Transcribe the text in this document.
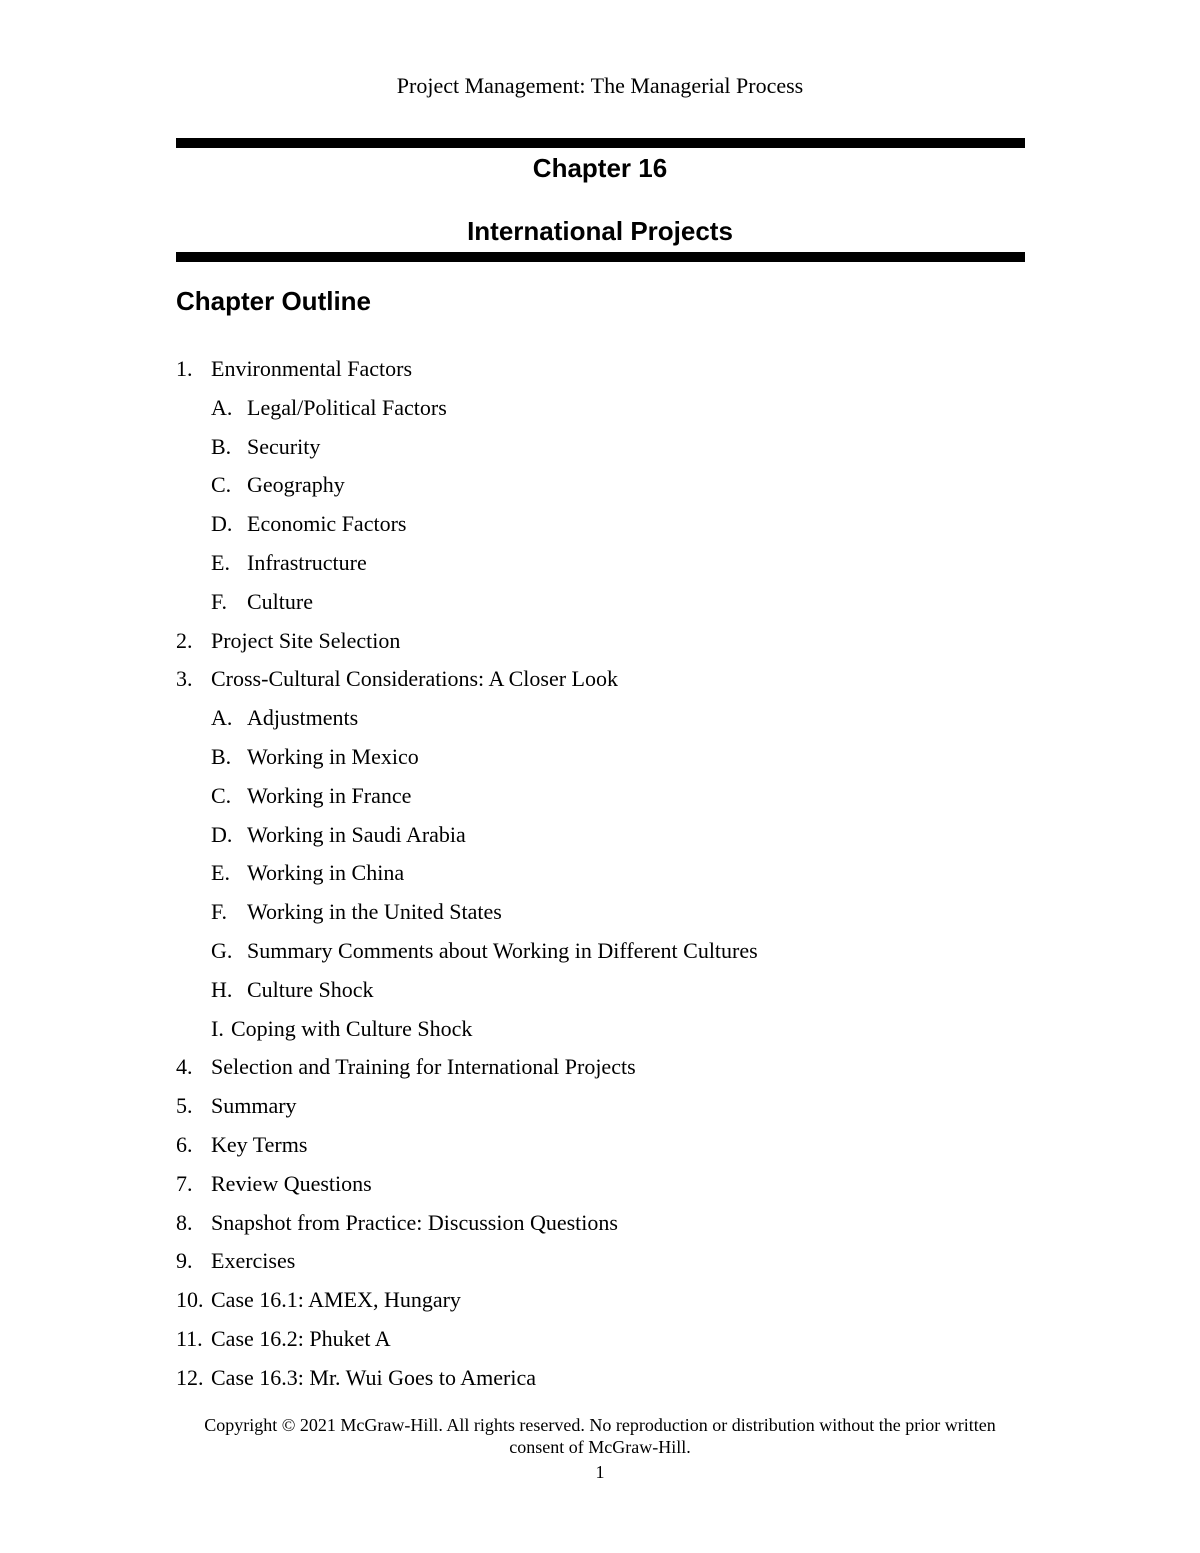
Project Management: The Managerial Process
Chapter 16
International Projects
Chapter Outline
1. Environmental Factors
A. Legal/Political Factors
B. Security
C. Geography
D. Economic Factors
E. Infrastructure
F. Culture
2. Project Site Selection
3. Cross-Cultural Considerations: A Closer Look
A. Adjustments
B. Working in Mexico
C. Working in France
D. Working in Saudi Arabia
E. Working in China
F. Working in the United States
G. Summary Comments about Working in Different Cultures
H. Culture Shock
I. Coping with Culture Shock
4. Selection and Training for International Projects
5. Summary
6. Key Terms
7. Review Questions
8. Snapshot from Practice: Discussion Questions
9. Exercises
10. Case 16.1: AMEX, Hungary
11. Case 16.2: Phuket A
12. Case 16.3: Mr. Wui Goes to America
Copyright © 2021 McGraw-Hill. All rights reserved. No reproduction or distribution without the prior written consent of McGraw-Hill.
1
